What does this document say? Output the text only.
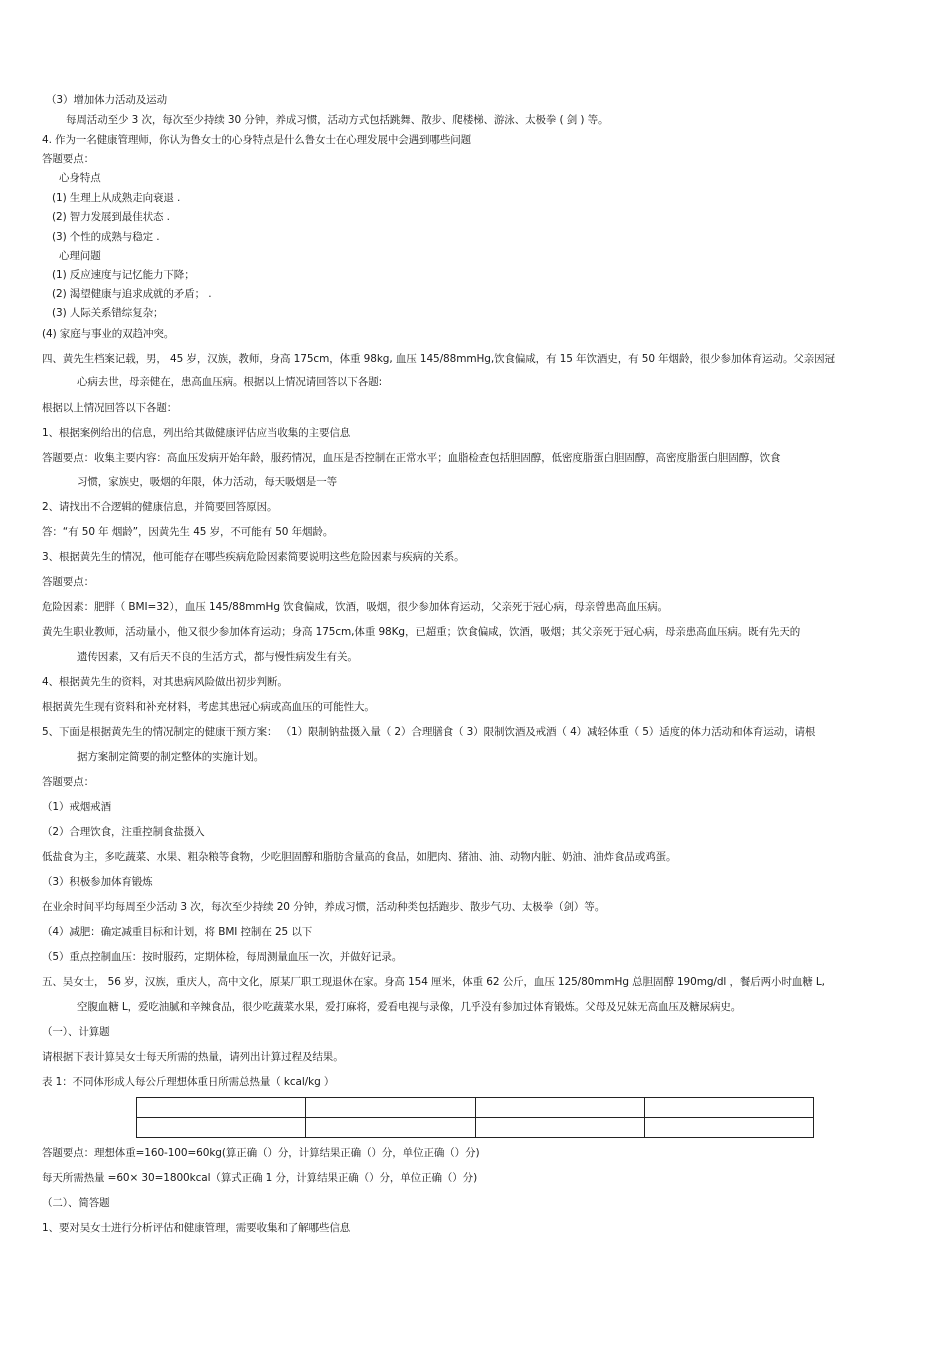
（3）增加体力活动及运动
每周活动至少 3 次，每次至少持续 30 分钟，养成习惯，活动方式包括跳舞、散步、爬楼梯、游泳、太极拳 ( 剑 ) 等。
4. 作为一名健康管理师，你认为鲁女士的心身特点是什么鲁女士在心理发展中会遇到哪些问题
答题要点：
心身特点
(1) 生理上从成熟走向衰退 .
(2) 智力发展到最佳状态 .
(3) 个性的成熟与稳定 .
心理问题
(1) 反应速度与记忆能力下降；
(2) 渴望健康与追求成就的矛盾； .
(3) 人际关系错综复杂；
(4) 家庭与事业的双趋冲突。
四、黄先生档案记载，男， 45 岁，汉族，教师，身高 175cm，体重 98kg, 血压 145/88mmHg,饮食偏咸，有 15 年饮酒史，有 50 年烟龄，很少参加体育运动。父亲因冠
心病去世，母亲健在，患高血压病。根据以上情况请回答以下各题:
根据以上情况回答以下各题：
1、根据案例给出的信息，列出给其做健康评估应当收集的主要信息
答题要点：收集主要内容：高血压发病开始年龄，服药情况，血压是否控制在正常水平；血脂检查包括胆固醇，低密度脂蛋白胆固醇，高密度脂蛋白胆固醇，饮食
习惯，家族史，吸烟的年限，体力活动，每天吸烟是一等
2、请找出不合逻辑的健康信息，并简要回答原因。
答：“有 50 年 烟龄”，因黄先生 45 岁，不可能有 50 年烟龄。
3、根据黄先生的情况，他可能存在哪些疾病危险因素简要说明这些危险因素与疾病的关系。
答题要点：
危险因素：肥胖（ BMI=32），血压 145/88mmHg 饮食偏咸，饮酒，吸烟，很少参加体育运动，父亲死于冠心病，母亲曾患高血压病。
黄先生职业教师，活动量小，他又很少参加体育运动；身高 175cm,体重 98Kg，已超重；饮食偏咸，饮酒，吸烟；其父亲死于冠心病，母亲患高血压病。既有先天的
遗传因素，又有后天不良的生活方式，都与慢性病发生有关。
4、根据黄先生的资料，对其患病风险做出初步判断。
根据黄先生现有资料和补充材料，考虑其患冠心病或高血压的可能性大。
5、下面是根据黄先生的情况制定的健康干预方案： （1）限制钠盐摄入量（ 2）合理膳食（ 3）限制饮酒及戒酒（ 4）减轻体重（ 5）适度的体力活动和体育运动，请根
据方案制定简要的制定整体的实施计划。
答题要点：
（1）戒烟戒酒
（2）合理饮食，注重控制食盐摄入
低盐食为主，多吃蔬菜、水果、粗杂粮等食物，少吃胆固醇和脂肪含量高的食品，如肥肉、猪油、油、动物内脏、奶油、油炸食品或鸡蛋。
（3）积极参加体育锻炼
在业余时间平均每周至少活动 3 次，每次至少持续 20 分钟，养成习惯，活动种类包括跑步、散步气功、太极拳（剑）等。
（4）减肥：确定减重目标和计划，将 BMI 控制在 25 以下
（5）重点控制血压：按时服药，定期体检，每周测量血压一次，并做好记录。
五、吴女士， 56 岁，汉族，重庆人，高中文化，原某厂职工现退休在家。身高 154 厘米，体重 62 公斤，血压 125/80mmHg 总胆固醇 190mg/dl ，餐后两小时血糖 L,
空腹血糖 L，爱吃油腻和辛辣食品，很少吃蔬菜水果，爱打麻将，爱看电视与录像，几乎没有参加过体育锻炼。父母及兄妹无高血压及糖尿病史。
（一）、计算题
请根据下表计算吴女士每天所需的热量，请列出计算过程及结果。
表 1：不同体形成人每公斤理想体重日所需总热量（ kcal/kg ）

答题要点：理想体重=160-100=60kg(算正确（）分，计算结果正确（）分，单位正确（）分)
每天所需热量 =60× 30=1800kcal（算式正确 1 分，计算结果正确（）分，单位正确（）分)
（二）、简答题
1、要对吴女士进行分析评估和健康管理，需要收集和了解哪些信息
